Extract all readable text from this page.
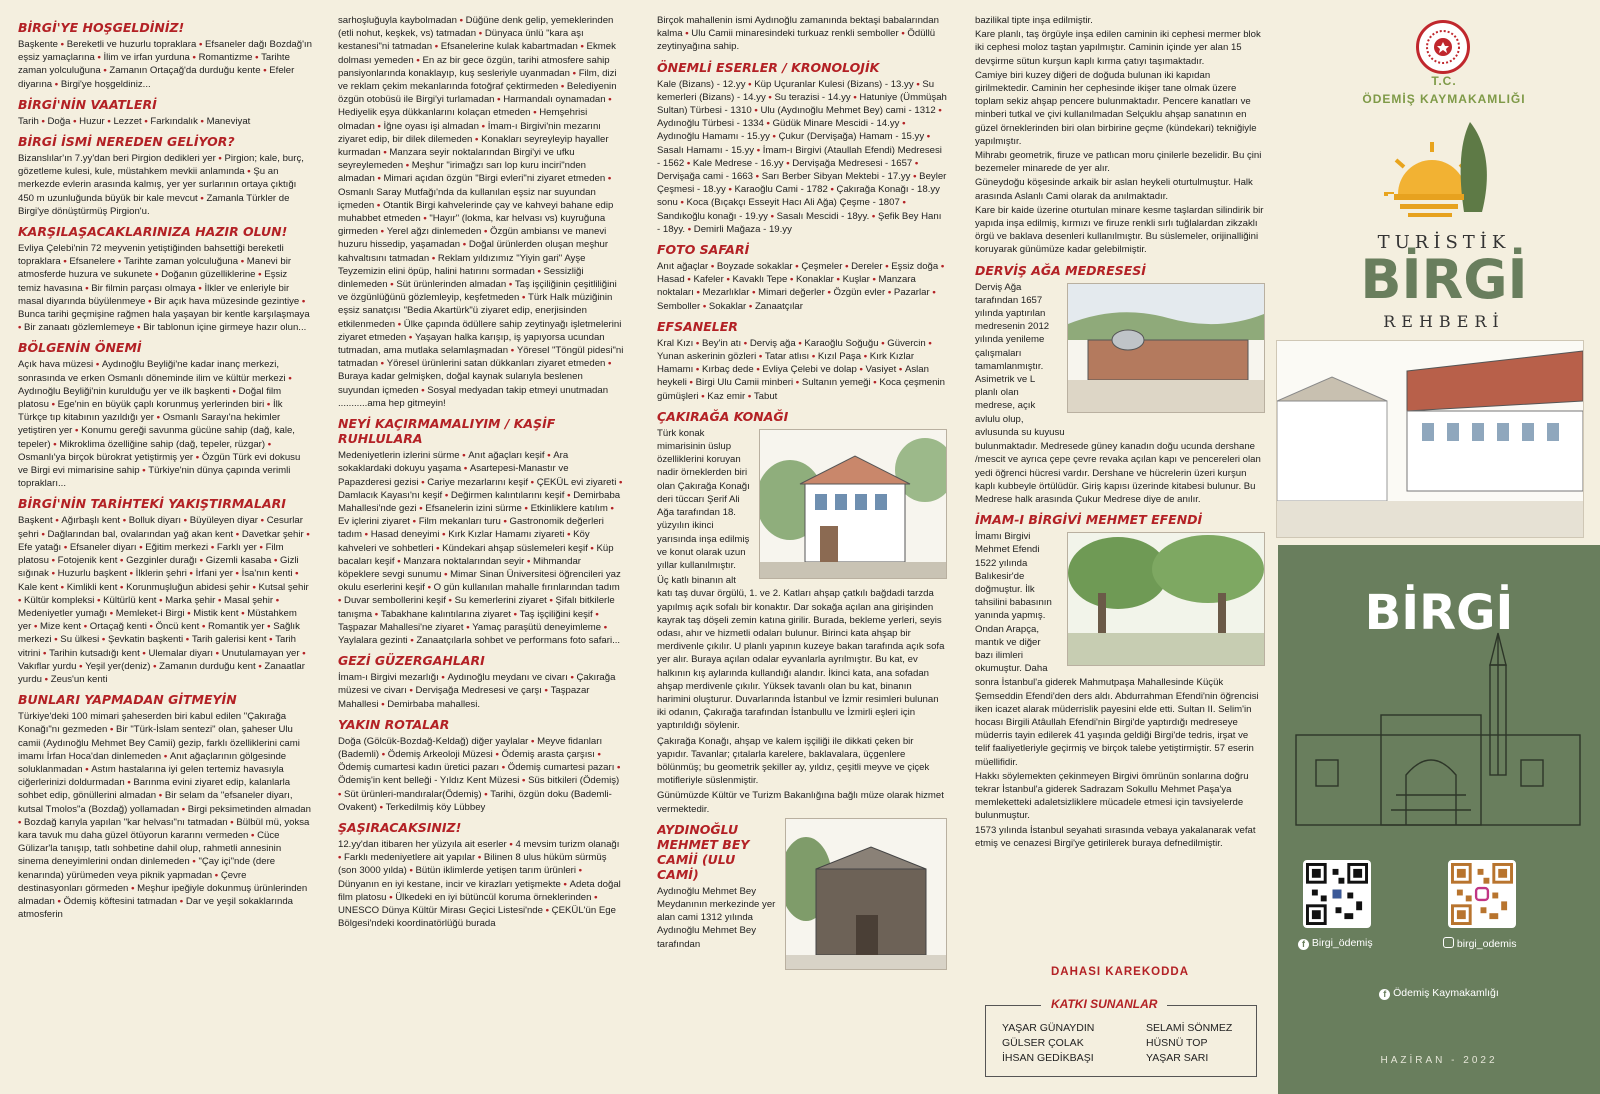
BİRGİ'YE HOŞGELDİNİZ!

Başkente • Bereketli ve huzurlu topraklara • Efsaneler dağı Bozdağ'ın eşsiz yamaçlarına • İlim ve irfan yurduna • Romantizme • Tarihte zaman yolculuğuna • Zamanın Ortaçağ'da durduğu kente • Efeler diyarına • Birgi'ye hoşgeldiniz...

BİRGİ'NİN VAATLERİ

Tarih • Doğa • Huzur • Lezzet • Farkındalık • Maneviyat

BİRGİ İSMİ NEREDEN GELİYOR?

Bizanslılar'ın 7.yy'dan beri Pirgion dedikleri yer • Pirgion; kale, burç, gözetleme kulesi, kule, müstahkem mevkii anlamında • Şu an merkezde evlerin arasında kalmış, yer yer surlarının ortaya çıktığı 450 m uzunluğunda büyük bir kale mevcut • Zamanla Türkler de Birgi'ye dönüştürmüş Pirgion'u.

KARŞILAŞACAKLARINIZA HAZIR OLUN!

Evliya Çelebi'nin 72 meyvenin yetiştiğinden bahsettiği bereketli topraklara • Efsanelere • Tarihte zaman yolculuğuna • Manevi bir atmosferde huzura ve sukunete • Doğanın güzelliklerine • Eşsiz temiz havasına • Bir filmin parçası olmaya • İlkler ve enleriyle bir masal diyarında büyülenmeye • Bir açık hava müzesinde gezintiye • Bunca tarihi geçmişine rağmen hala yaşayan bir kentle karşılaşmaya • Bir zanaatı gözlemlemeye • Bir tablonun içine girmeye hazır olun...

BÖLGENİN ÖNEMİ

Açık hava müzesi • Aydınoğlu Beyliği'ne kadar inanç merkezi, sonrasında ve erken Osmanlı döneminde ilim ve kültür merkezi • Aydınoğlu Beyliği'nin kurulduğu yer ve ilk başkenti • Doğal film platosu • Ege'nin en büyük çaplı korunmuş yerlerinden biri • İlk Türkçe tıp kitabının yazıldığı yer • Osmanlı Sarayı'na hekimler yetiştiren yer • Konumu gereği savunma gücüne sahip (dağ, kale, tepeler) • Mikroklima özelliğine sahip (dağ, tepeler, rüzgar) • Osmanlı'ya birçok bürokrat yetiştirmiş yer • Özgün Türk evi dokusu ve Birgi evi mimarisine sahip • Türkiye'nin dünya çapında verimli toprakları...

BİRGİ'NİN TARİHTEKİ YAKIŞTIRMALARI

Başkent • Ağırbaşlı kent • Bolluk diyarı • Büyüleyen diyar • Cesurlar şehri • Dağlarından bal, ovalarından yağ akan kent • Davetkar şehir • Efe yatağı • Efsaneler diyarı • Eğitim merkezi • Farklı yer • Film platosu • Fotojenik kent • Gezginler durağı • Gizemli kasaba • Gizli sığınak • Huzurlu başkent • İlklerin şehri • İrfani yer • İsa'nın kenti • Kale kent • Kimlikli kent • Korunmuşluğun abidesi şehir • Kutsal şehir • Kültür kompleksi • Kültürlü kent • Marka şehir • Masal şehir • Medeniyetler yumağı • Memleket-i Birgi • Mistik kent • Müstahkem yer • Mize kent • Ortaçağ kenti • Öncü kent • Romantik yer • Sağlık merkezi • Su ülkesi • Şevkatin başkenti • Tarih galerisi kent • Tarih vitrini • Tarihin kutsadığı kent • Ulemalar diyarı • Unutulamayan yer • Vakıflar yurdu • Yeşil yer(deniz) • Zamanın durduğu kent • Zanaatlar yurdu • Zeus'un kenti

BUNLARI YAPMADAN GİTMEYİN

Türkiye'deki 100 mimari şaheserden biri kabul edilen "Çakırağa Konağı"nı gezmeden • Bir "Türk-İslam sentezi" olan, şaheser Ulu camii (Aydınoğlu Mehmet Bey Camii) gezip, farklı özelliklerini cami imamı İrfan Hoca'dan dinlemeden • Anıt ağaçlarının gölgesinde soluklanmadan • Astım hastalarına iyi gelen tertemiz havasıyla ciğerlerinizi doldurmadan • Barınma evini ziyaret edip, kalanlarla sohbet edip, gönüllerini almadan • Bir selam da "efsaneler diyarı, kutsal Tmolos"a (Bozdağ) yollamadan • Birgi peksimetinden almadan • Bozdağ karıyla yapılan "kar helvası"nı tatmadan • Bülbül mü, yoksa kara tavuk mu daha güzel ötüyorun kararını vermeden • Cüce Gülizar'la tanışıp, tatlı sohbetine dahil olup, rahmetli annesinin sinema deneyimlerini ondan dinlemeden • "Çay içi"nde (dere kenarında) yürümeden veya piknik yapmadan • Çevre destinasyonları görmeden • Meşhur ipeğiyle dokunmuş ürünlerinden almadan • Ödemiş köftesini tatmadan • Dar ve yeşil sokaklarında atmosferin

sarhoşluğuyla kaybolmadan • Düğüne denk gelip, yemeklerinden (etli nohut, keşkek, vs) tatmadan • Dünyaca ünlü "kara aşı kestanesi"ni tatmadan • Efsanelerine kulak kabartmadan • Ekmek dolması yemeden • En az bir gece özgün, tarihi atmosfere sahip pansiyonlarında konaklayıp, kuş sesleriyle uyanmadan • Film, dizi ve reklam çekim mekanlarında fotoğraf çektirmeden • Belediyenin özgün otobüsü ile Birgi'yi turlamadan • Harmandalı oynamadan • Hediyelik eşya dükkanlarını kolaçan etmeden • Hemşehrisi olmadan • İğne oyası işi almadan • İmam-ı Birgivi'nin mezarını ziyaret edip, bir dilek dilemeden • Konakları seyreyleyip hayaller kurmadan • Manzara seyir noktalarından Birgi'yi ve ufku seyreylemeden • Meşhur "irimağzı sarı lop kuru inciri"nden almadan • Mimari açıdan özgün "Birgi evleri"ni ziyaret etmeden • Osmanlı Saray Mutfağı'nda da kullanılan eşsiz nar suyundan içmeden • Otantik Birgi kahvelerinde çay ve kahveyi bahane edip muhabbet etmeden • "Hayır" (lokma, kar helvası vs) kuyruğuna girmeden • Yerel ağzı dinlemeden • Özgün ambiansı ve manevi huzuru hissedip, yaşamadan • Doğal ürünlerden oluşan meşhur kahvaltısını tatmadan • Reklam yıldızımız "Yiyin gari" Ayşe Teyzemizin elini öpüp, halini hatırını sormadan • Sessizliği dinlemeden • Süt ürünlerinden almadan • Taş işçiliğinin çeşitliliğini ve özgünlüğünü gözlemleyip, keşfetmeden • Türk Halk müziğinin eşsiz sanatçısı "Bedia Akartürk"ü ziyaret edip, enerjisinden etkilenmeden • Ülke çapında ödüllere sahip zeytinyağı işletmelerini ziyaret etmeden • Yaşayan halka karışıp, iş yapıyorsa ucundan tutmadan, ama mutlaka selamlaşmadan • Yöresel "Töngül pidesi"ni tatmadan • Yöresel ürünlerini satan dükkanları ziyaret etmeden • Buraya kadar gelmişken, doğal kaynak sularıyla beslenen suyundan içmeden • Sosyal medyadan takip etmeyi unutmadan ...........ama hep gitmeyin!

NEYİ KAÇIRMAMALIYIM / KAŞİF RUHLULARA

Medeniyetlerin izlerini sürme • Anıt ağaçları keşif • Ara sokaklardaki dokuyu yaşama • Asartepesi-Manastır ve Papazderesi gezisi • Cariye mezarlarını keşif • ÇEKÜL evi ziyareti • Damlacık Kayası'nı keşif • Değirmen kalıntılarını keşif • Demirbaba Mahallesi'nde gezi • Efsanelerin izini sürme • Etkinliklere katılım • Ev içlerini ziyaret • Film mekanları turu • Gastronomik değerleri tadım • Hasad deneyimi • Kırk Kızlar Hamamı ziyareti • Köy kahveleri ve sohbetleri • Kündekari ahşap süslemeleri keşif • Küp bacaları keşif • Manzara noktalarından seyir • Mihmandar köpeklere sevgi sunumu • Mimar Sinan Üniversitesi öğrencileri yaz okulu eserlerini keşif • O gün kullanılan mahalle fırınlarından tadım • Duvar sembollerini keşif • Su kemerlerini ziyaret • Şifalı bitkilerle tanışma • Tabakhane kalıntılarına ziyaret • Taş işçiliğini keşif • Taşpazar Mahallesi'ne ziyaret • Yamaç paraşütü deneyimleme • Yaylalara gezinti • Zanaatçılarla sohbet ve performans foto safari...

GEZİ GÜZERGAHLARI

İmam-ı Birgivi mezarlığı • Aydınoğlu meydanı ve civarı • Çakırağa müzesi ve civarı • Dervişağa Medresesi ve çarşı • Taşpazar Mahallesi • Demirbaba mahallesi.

YAKIN ROTALAR

Doğa (Gölcük-Bozdağ-Keldağ) diğer yaylalar • Meyve fidanları (Bademli) • Ödemiş Arkeoloji Müzesi • Ödemiş arasta çarşısı • Ödemiş cumartesi kadın üretici pazarı • Ödemiş cumartesi pazarı • Ödemiş'in kent belleği - Yıldız Kent Müzesi • Süs bitkileri (Ödemiş) • Süt ürünleri-mandıralar(Ödemiş) • Tarihi, özgün doku (Bademli-Ovakent) • Terkedilmiş köy Lübbey

ŞAŞIRACAKSINIZ!

12.yy'dan itibaren her yüzyıla ait eserler • 4 mevsim turizm olanağı • Farklı medeniyetlere ait yapılar • Bilinen 8 ulus hüküm sürmüş (son 3000 yılda) • Bütün iklimlerde yetişen tarım ürünleri • Dünyanın en iyi kestane, incir ve kirazları yetişmekte • Adeta doğal film platosu • Ülkedeki en iyi bütüncül koruma örneklerinden • UNESCO Dünya Kültür Mirası Geçici Listesi'nde • ÇEKÜL'ün Ege Bölgesi'ndeki koordinatörlüğü burada

Birçok mahallenin ismi Aydınoğlu zamanında bektaşi babalarından kalma • Ulu Camii minaresindeki turkuaz renkli semboller • Ödüllü zeytinyağına sahip.

ÖNEMLİ ESERLER / KRONOLOJİK

Kale (Bizans) - 12.yy • Küp Uçuranlar Kulesi (Bizans) - 13.yy • Su kemerleri (Bizans) - 14.yy • Su terazisi - 14.yy • Hatuniye (Ümmüşah Sultan) Türbesi - 1310 • Ulu (Aydınoğlu Mehmet Bey) cami - 1312 • Aydınoğlu Türbesi - 1334 • Güdük Minare Mescidi - 14.yy • Aydınoğlu Hamamı - 15.yy • Çukur (Dervişağa) Hamam - 15.yy • Sasalı Hamamı - 15.yy • İmam-ı Birgivi (Ataullah Efendi) Medresesi - 1562 • Kale Medrese - 16.yy • Dervişağa Medresesi - 1657 • Dervişağa cami - 1663 • Sarı Berber Sibyan Mektebi - 17.yy • Beyler Çeşmesi - 18.yy • Karaoğlu Cami - 1782 • Çakırağa Konağı - 18.yy sonu • Koca (Bıçakçı Esseyit Hacı Ali Ağa) Çeşme - 1807 • Sandıkoğlu konağı - 19.yy • Sasalı Mescidi - 18yy. • Şefik Bey Hanı - 18yy. • Demirli Mağaza - 19.yy

FOTO SAFARİ

Anıt ağaçlar • Boyzade sokaklar • Çeşmeler • Dereler • Eşsiz doğa • Hasad • Kafeler • Kavaklı Tepe • Konaklar • Kuşlar • Manzara noktaları • Mezarlıklar • Mimari değerler • Özgün evler • Pazarlar • Semboller • Sokaklar • Zanaatçılar

EFSANELER

Kral Kızı • Bey'in atı • Derviş ağa • Karaoğlu Soğuğu • Güvercin • Yunan askerinin gözleri • Tatar atlısı • Kızıl Paşa • Kırk Kızlar Hamamı • Kırbaç dede • Evliya Çelebi ve dolap • Vasiyet • Aslan heykeli • Birgi Ulu Camii minberi • Sultanın yemeği • Koca çeşmenin gümüşleri • Kaz emir • Tabut

ÇAKIRAĞA KONAĞI

Türk konak mimarisinin üslup özelliklerini koruyan nadir örneklerden biri olan Çakırağa Konağı deri tüccarı Şerif Ali Ağa tarafından 18. yüzyılın ikinci yarısında inşa edilmiş ve konut olarak uzun yıllar kullanılmıştır.

Üç katlı binanın alt katı taş duvar örgülü, 1. ve 2. Katları ahşap çatkılı bağdadi tarzda yapılmış açık sofalı bir konaktır. Dar sokağa açılan ana girişinden kayrak taş döşeli zemin katına girilir. Burada, bekleme yerleri, seyis odası, ahır ve hizmetli odaları bulunur. Birinci kata ahşap bir merdivenle çıkılır. U planlı yapının kuzeye bakan tarafında açık sofa yer alır. Buraya açılan odalar eyvanlarla ayrılmıştır. Bu kat, ev halkının kış aylarında kullandığı alandır. İkinci kata, ana sofadan ahşap merdivenle çıkılır. Yüksek tavanlı olan bu kat, binanın harimini oluşturur. Duvarlarında İstanbul ve İzmir resimleri bulunan iki odanın, Çakırağa tarafından İstanbullu ve İzmirli eşleri için yaptırıldığı söylenir.

Çakırağa Konağı, ahşap ve kalem işçiliği ile dikkati çeken bir yapıdır. Tavanlar; çıtalarla karelere, baklavalara, üçgenlere bölünmüş; bu geometrik şekiller ay, yıldız, çeşitli meyve ve çiçek motifleriyle süslenmiştir.

Günümüzde Kültür ve Turizm Bakanlığına bağlı müze olarak hizmet vermektedir.

AYDINOĞLU MEHMET BEY CAMİİ (ULU CAMİ)

Aydınoğlu Mehmet Bey Meydanının merkezinde yer alan cami 1312 yılında Aydınoğlu Mehmet Bey tarafından

bazilikal tipte inşa edilmiştir.

Kare planlı, taş örgüyle inşa edilen caminin iki cephesi mermer blok iki cephesi moloz taştan yapılmıştır. Caminin içinde yer alan 15 devşirme sütun kurşun kaplı kırma çatıyı taşımaktadır.

Camiye biri kuzey diğeri de doğuda bulunan iki kapıdan girilmektedir. Caminin her cephesinde ikişer tane olmak üzere toplam sekiz ahşap pencere bulunmaktadır. Pencere kanatları ve minberi tutkal ve çivi kullanılmadan Selçuklu ahşap sanatının en güzel örneklerinden biri olan birbirine geçme (kündekari) tekniğiyle yapılmıştır.

Mihrabı geometrik, firuze ve patlıcan moru çinilerle bezelidir. Bu çini bezemeler minarede de yer alır.

Güneydoğu köşesinde arkaik bir aslan heykeli oturtulmuştur. Halk arasında Aslanlı Cami olarak da anılmaktadır.

Kare bir kaide üzerine oturtulan minare kesme taşlardan silindirik bir yapıda inşa edilmiş, kırmızı ve firuze renkli sırlı tuğlalardan zikzaklı örgü ve baklava desenleri kullanılmıştır. Bu süslemeler, orijinalliğini koruyarak günümüze kadar gelebilmiştir.

DERVİŞ AĞA MEDRESESİ

Derviş Ağa tarafından 1657 yılında yaptırılan medresenin 2012 yılında yenileme çalışmaları tamamlanmıştır. Asimetrik ve L planlı olan medrese, açık avlulu olup, avlusunda su kuyusu

bulunmaktadır. Medresede güney kanadın doğu ucunda dershane /mescit ve ayrıca çepe çevre revaka açılan kapı ve pencereleri olan yedi öğrenci hücresi vardır. Dershane ve hücrelerin üzeri kurşun kaplı kubbeyle örtülüdür. Giriş kapısı üzerinde kitabesi bulunur. Bu Medrese halk arasında Çukur Medrese diye de anılır.

İMAM-I BİRGİVİ MEHMET EFENDİ

İmamı Birgivi Mehmet Efendi 1522 yılında Balıkesir'de doğmuştur. İlk tahsilini babasının yanında yapmış. Ondan Arapça, mantık ve diğer bazı ilimleri okumuştur. Daha

sonra İstanbul'a giderek Mahmutpaşa Mahallesinde Küçük Şemseddin Efendi'den ders aldı. Abdurrahman Efendi'nin öğrencisi iken icazet alarak müderrislik payesini elde etti. Sultan II. Selim'in hocası Birgili Atâullah Efendi'nin Birgi'de yaptırdığı medreseye müderris tayin edilerek 41 yaşında geldiği Birgi'de tedris, irşat ve telif faaliyetleriyle geçirmiş ve birçok talebe yetiştirmiştir. 57 eserin müellifidir.

Hakkı söylemekten çekinmeyen Birgivi ömrünün sonlarına doğru tekrar İstanbul'a giderek Sadrazam Sokullu Mehmet Paşa'ya memleketteki adaletsizliklere mücadele etmesi için tavsiyelerde bulunmuştur.

1573 yılında İstanbul seyahati sırasında vebaya yakalanarak vefat etmiş ve cenazesi Birgi'ye getirilerek buraya defnedilmiştir.

DAHASI KAREKODDA
KATKI SUNANLAR
YAŞAR GÜNAYDIN
GÜLSER ÇOLAK
İHSAN GEDİKBAŞI
SELAMİ SÖNMEZ
HÜSNÜ TOP
YAŞAR SARI
T.C.
ÖDEMİŞ KAYMAKAMLIĞI
TURİSTİK
BİRGİ
REHBERİ
BİRGİ
f Birgi_ödemiş	birgi_odemis
f Ödemiş Kaymakamlığı
HAZİRAN - 2022
